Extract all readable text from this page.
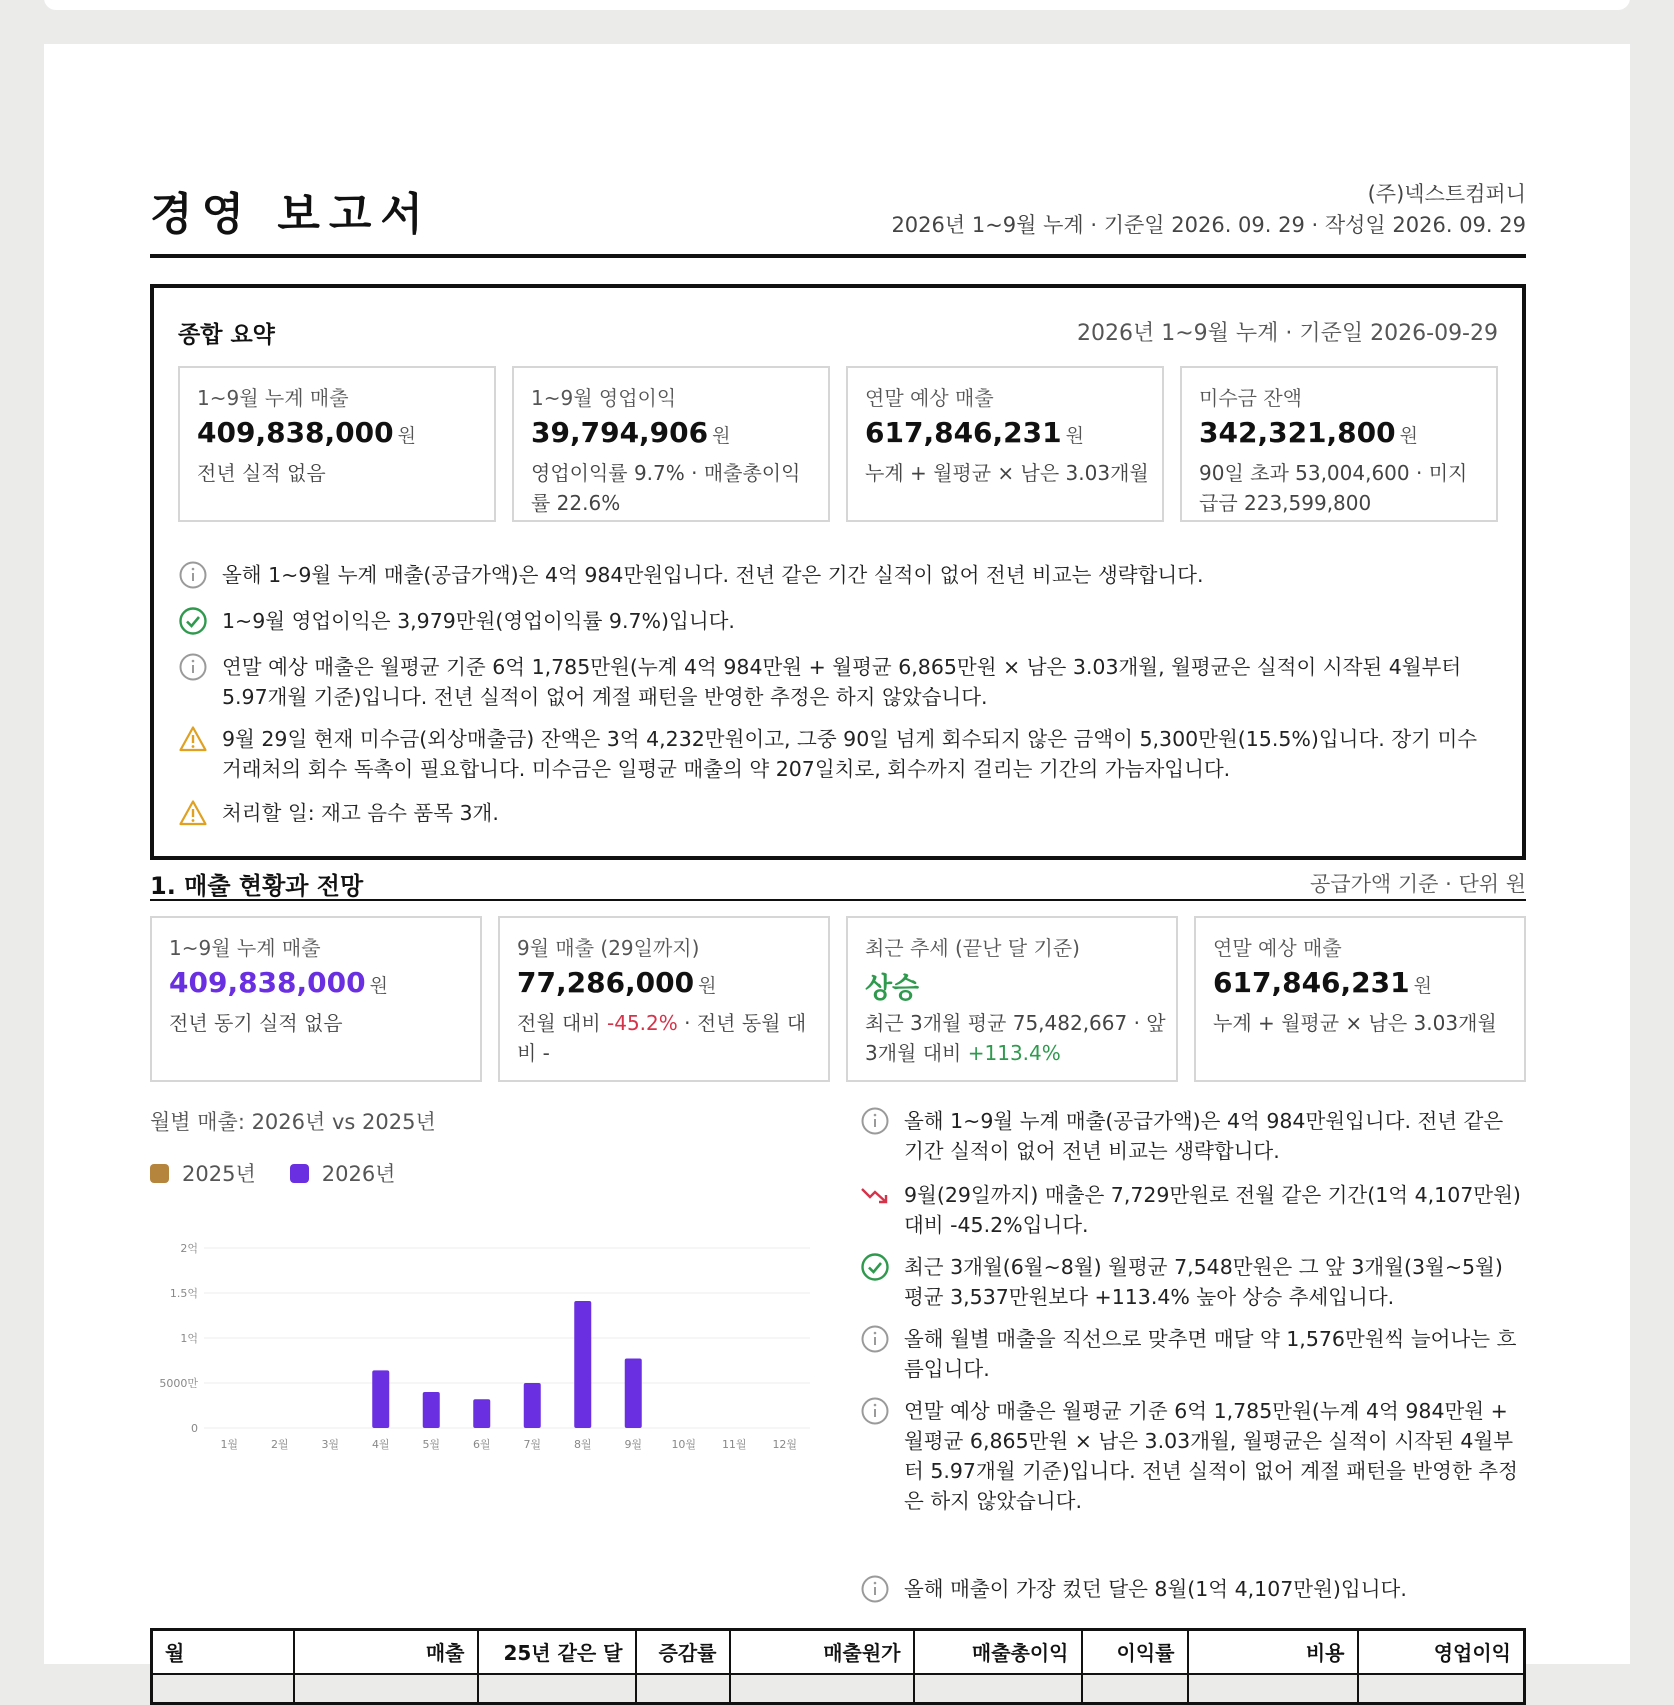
경영 보고서	(주)넥스트컴퍼니
2026년 1~9월 누계 · 기준일 2026. 09. 29 · 작성일 2026. 09. 29
종합 요약	2026년 1~9월 누계 · 기준일 2026-09-29
1~9월 누계 매출
409,838,000 원
전년 실적 없음
1~9월 영업이익
39,794,906 원
영업이익률 9.7% · 매출총이익률 22.6%
연말 예상 매출
617,846,231 원
누계 + 월평균 × 남은 3.03개월
미수금 잔액
342,321,800 원
90일 초과 53,004,600 · 미지급금 223,599,800
올해 1~9월 누계 매출(공급가액)은 4억 984만원입니다. 전년 같은 기간 실적이 없어 전년 비교는 생략합니다.
1~9월 영업이익은 3,979만원(영업이익률 9.7%)입니다.
연말 예상 매출은 월평균 기준 6억 1,785만원(누계 4억 984만원 + 월평균 6,865만원 × 남은 3.03개월, 월평균은 실적이 시작된 4월부터 5.97개월 기준)입니다. 전년 실적이 없어 계절 패턴을 반영한 추정은 하지 않았습니다.
9월 29일 현재 미수금(외상매출금) 잔액은 3억 4,232만원이고, 그중 90일 넘게 회수되지 않은 금액이 5,300만원(15.5%)입니다. 장기 미수 거래처의 회수 독촉이 필요합니다. 미수금은 일평균 매출의 약 207일치로, 회수까지 걸리는 기간의 가늠자입니다.
처리할 일: 재고 음수 품목 3개.
1. 매출 현황과 전망	공급가액 기준 · 단위 원
1~9월 누계 매출
409,838,000 원
전년 동기 실적 없음
9월 매출 (29일까지)
77,286,000 원
전월 대비 -45.2% · 전년 동월 대비 -
최근 추세 (끝난 달 기준)
상승
최근 3개월 평균 75,482,667 · 앞 3개월 대비 +113.4%
연말 예상 매출
617,846,231 원
누계 + 월평균 × 남은 3.03개월
월별 매출: 2026년 vs 2025년
2025년	2026년
0
5000만
1억
1.5억
2억
1월	2월	3월	4월	5월	6월	7월	8월	9월	10월 11월 12월
올해 1~9월 누계 매출(공급가액)은 4억 984만원입니다. 전년 같은 기간 실적이 없어 전년 비교는 생략합니다.
9월(29일까지) 매출은 7,729만원로 전월 같은 기간(1억 4,107만원) 대비 -45.2%입니다.
최근 3개월(6월~8월) 월평균 7,548만원은 그 앞 3개월(3월~5월) 평균 3,537만원보다 +113.4% 높아 상승 추세입니다.
올해 월별 매출을 직선으로 맞추면 매달 약 1,576만원씩 늘어나는 흐름입니다.
연말 예상 매출은 월평균 기준 6억 1,785만원(누계 4억 984만원 + 월평균 6,865만원 × 남은 3.03개월, 월평균은 실적이 시작된 4월부터 5.97개월 기준)입니다. 전년 실적이 없어 계절 패턴을 반영한 추정은 하지 않았습니다.
올해 매출이 가장 컸던 달은 8월(1억 4,107만원)입니다.
월	매출	25년 같은 달	증감률	매출원가	매출총이익	이익률	비용	영업이익
